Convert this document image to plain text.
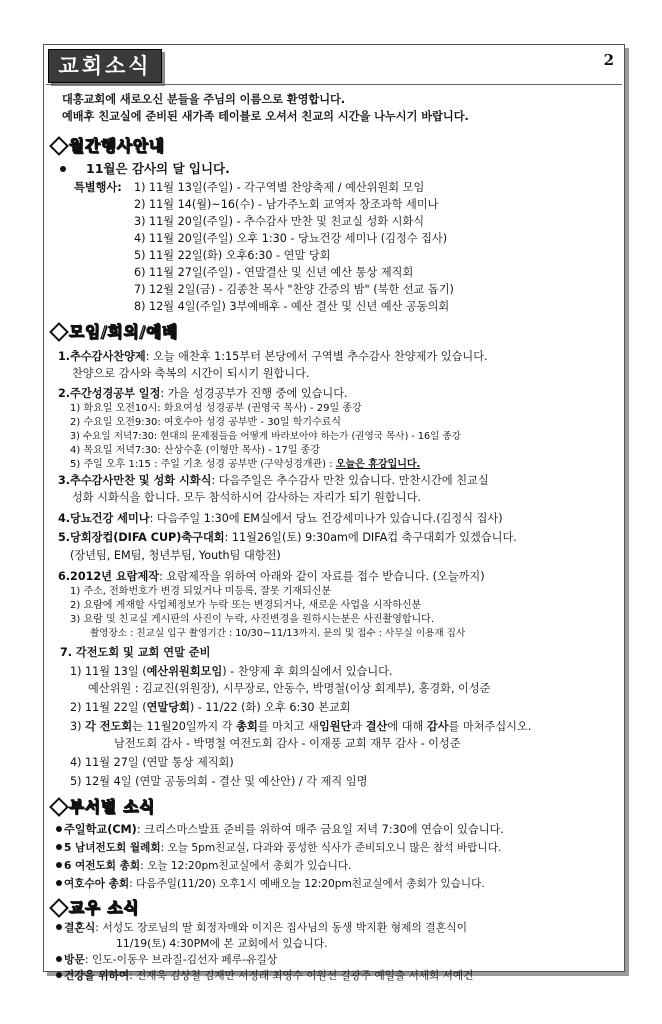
교회소식	2
대흥교회에 새로오신 분들을 주님의 이름으로 환영합니다.
예배후 친교실에 준비된 새가족 테이블로 오셔서 친교의 시간을 나누시기 바랍니다.
월간행사안내
11월은 감사의 달 입니다.
특별행사: 1) 11월 13일(주일) - 각구역별 찬양축제 / 예산위원회 모임
2) 11월 14(월)~16(수) - 남가주노회 교역자 창조과학 세미나
3) 11월 20일(주일) - 추수감사 만찬 및 친교실 성화 시화식
4) 11월 20일(주일) 오후 1:30 - 당뇨건강 세미나 (김정수 집사)
5) 11월 22일(화) 오후6:30 - 연말 당회
6) 11월 27일(주일) - 연말결산 및 신년 예산 통상 제직회
7) 12월 2일(금) - 김종찬 목사 "찬양 간증의 밤" (북한 선교 돕기)
8) 12월 4일(주일) 3부예배후 - 예산 결산 및 신년 예산 공동의회
모임/회의/예배
1.추수감사찬양제: 오늘 애찬후 1:15부터 본당에서 구역별 추수감사 찬양제가 있습니다.
찬양으로 감사와 축복의 시간이 되시기 원합니다.
2.주간성경공부 일정: 가을 성경공부가 진행 중에 있습니다.
1) 화요일 오전10시: 화요여성 성경공부 (권영국 목사) - 29일 종강
2) 수요일 오전9:30: 여호수아 성경 공부반 - 30일 학기수료식
3) 수요일 저녁7:30: 현대의 문제점들을 어떻게 바라보아야 하는가 (권영국 목사) - 16일 종강
4) 목요일 저녁7:30: 산상수훈 (이형만 목사) - 17일 종강
5) 주일 오후 1:15 : 주일 기초 성경 공부반 (구약성경개관) : 오늘은 휴강입니다.
3.추수감사만찬 및 성화 시화식: 다음주일은 추수감사 만찬 있습니다. 만찬시간에 친교실
성화 시화식을 합니다. 모두 참석하시어 감사하는 자리가 되기 원합니다.
4.당뇨건강 세미나: 다음주일 1:30에 EM실에서 당뇨 건강세미나가 있습니다.(김정식 집사)
5.당회장컵(DIFA CUP)축구대회: 11월26일(토) 9:30am에 DIFA컵 축구대회가 있겠습니다.
(장년팀, EM팀, 청년부팀, Youth팀 대항전)
6.2012년 요람제작: 요람제작을 위하여 아래와 같이 자료를 접수 받습니다. (오늘까지)
1) 주소, 전화번호가 변경 되었거나 미등록, 잘못 기재되신분
2) 요람에 게재할 사업체정보가 누락 또는 변경되거나, 새로운 사업을 시작하신분
3) 요람 및 친교실 게시판의 사진이 누락, 사진변경을 원하시는분은 사진촬영합니다.
촬영장소 : 친교실 입구 촬영기간 : 10/30~11/13까지. 문의 및 접수 : 사무실 이용재 집사
7. 각전도회 및 교회 연말 준비
1) 11월 13일 (예산위원회모임) - 찬양제 후 회의실에서 있습니다.
예산위원 : 김교진(위원장), 시무장로, 안동수, 박명철(이상 회계부), 홍경화, 이성준
2) 11월 22일 (연말당회) - 11/22 (화) 오후 6:30 본교회
3) 각 전도회는 11월20일까지 각 총회를 마치고 새임원단과 결산에 대해 감사를 마쳐주십시오.
남전도회 감사 - 박명철 여전도회 감사 - 이재풍 교회 재무 감사 - 이성준
4) 11월 27일 (연말 통상 제직회)
5) 12월 4일 (연말 공동의회 - 결산 및 예산안) / 각 제직 임명
부서별 소식
주일학교(CM): 크리스마스발표 준비를 위하여 매주 금요일 저녁 7:30에 연습이 있습니다.
5 남녀전도회 월례회: 오늘 5pm친교실, 다과와 풍성한 식사가 준비되오니 많은 참석 바랍니다.
6 여전도회 총회: 오늘 12:20pm친교실에서 총회가 있습니다.
여호수아 총회: 다음주일(11/20) 오후1시 예배오늘 12:20pm친교실에서 총회가 있습니다.
교우 소식
결혼식: 서성도 장로님의 딸 회정자매와 이지은 집사님의 동생 박지환 형제의 결혼식이
11/19(토) 4:30PM에 본 교회에서 있습니다.
방문: 인도-이동우 브라질-김선자 페루-유길상
건강을 위하여: 전재욱 김상철 김재만 서정래 최영수 이원선 길광주 예일출 서세희 서예건
